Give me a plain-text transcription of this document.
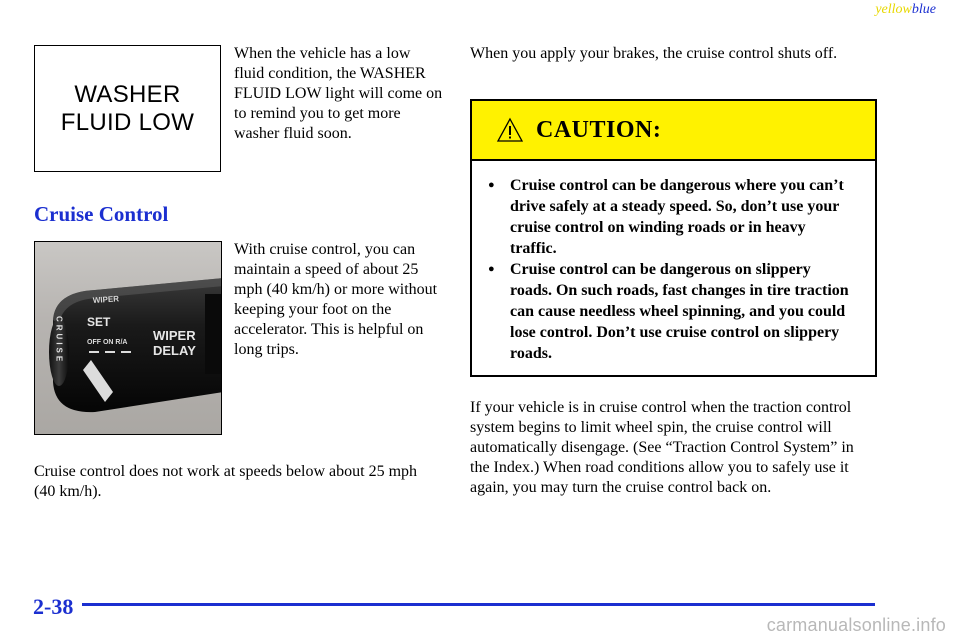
yellowblue
WASHER
FLUID LOW
When the vehicle has a low fluid condition, the WASHER FLUID LOW light will come on to remind you to get more washer fluid soon.
Cruise Control
WIPER
CRUISE SET
OFF ON R/A WIPER
DELAY
With cruise control, you can maintain a speed of about 25 mph (40 km/h) or more without keeping your foot on the accelerator. This is helpful on long trips.
Cruise control does not work at speeds below about 25 mph (40 km/h).
When you apply your brakes, the cruise control shuts off.
CAUTION:
● Cruise control can be dangerous where you can’t drive safely at a steady speed. So, don’t use your cruise control on winding roads or in heavy traffic.
● Cruise control can be dangerous on slippery roads. On such roads, fast changes in tire traction can cause needless wheel spinning, and you could lose control. Don’t use cruise control on slippery roads.
If your vehicle is in cruise control when the traction control system begins to limit wheel spin, the cruise control will automatically disengage. (See “Traction Control System” in the Index.) When road conditions allow you to safely use it again, you may turn the cruise control back on.
2-38
carmanualsonline.info
